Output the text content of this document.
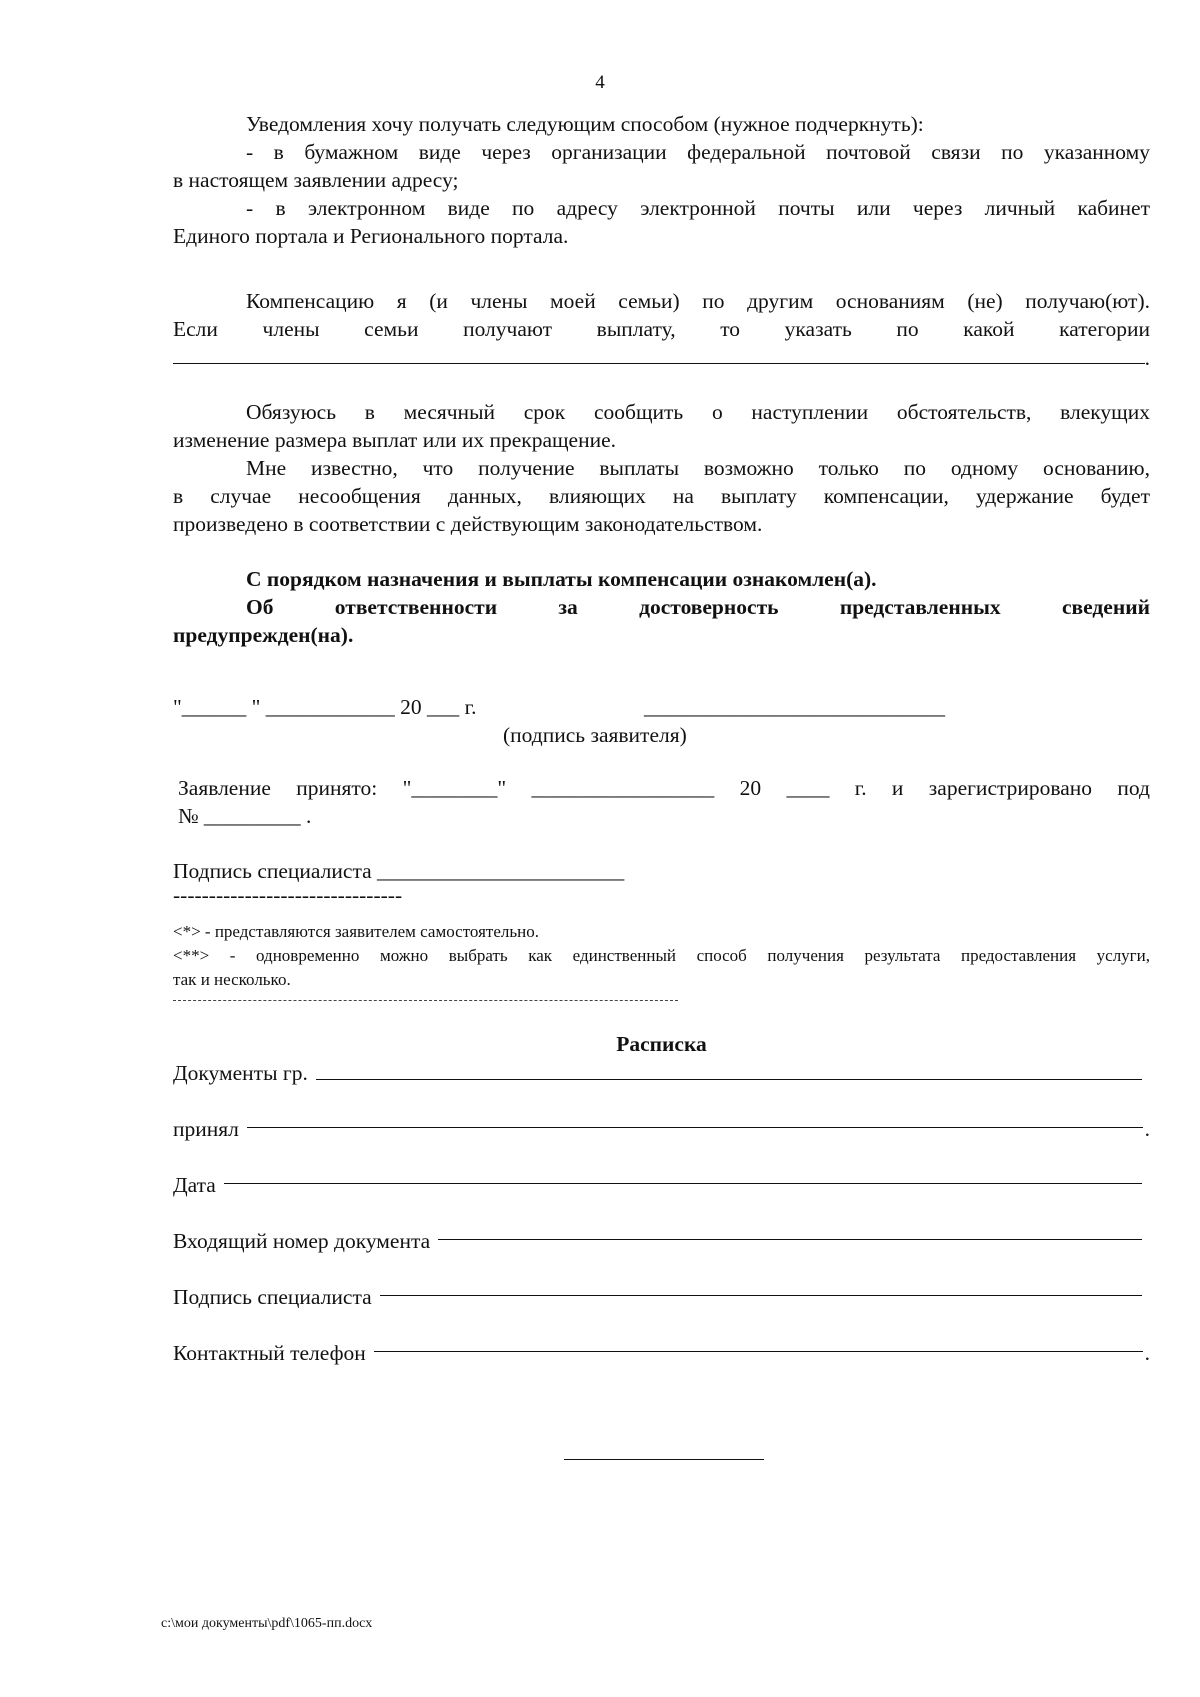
4
Уведомления хочу получать следующим способом (нужное подчеркнуть):
- в бумажном виде через организации федеральной почтовой связи по указанному
в настоящем заявлении адресу;
- в электронном виде по адресу электронной почты или через личный кабинет
Единого портала и Регионального портала.
Компенсацию я (и члены моей семьи) по другим основаниям (не) получаю(ют).
Если члены семьи получают выплату, то указать по какой категории
.
Обязуюсь в месячный срок сообщить о наступлении обстоятельств, влекущих
изменение размера выплат или их прекращение.
Мне известно, что получение выплаты возможно только по одному основанию,
в случае несообщения данных, влияющих на выплату компенсации, удержание будет
произведено в соответствии с действующим законодательством.
С порядком назначения и выплаты компенсации ознакомлен(а).
Об ответственности за достоверность представленных сведений
предупрежден(на).
"______ " ____________ 20 ___ г.	____________________________
(подпись заявителя)
Заявление принято: "________" _________________ 20 ____ г. и зарегистрировано под
№ _________ .
Подпись специалиста _______________________
--------------------------------
<*> - представляются заявителем самостоятельно.
<**> - одновременно можно выбрать как единственный способ получения результата предоставления услуги,
так и несколько.
Расписка
Документы гр.
принял	.
Дата
Входящий номер документа
Подпись специалиста
Контактный телефон	.
c:\мои документы\pdf\1065-пп.docx
